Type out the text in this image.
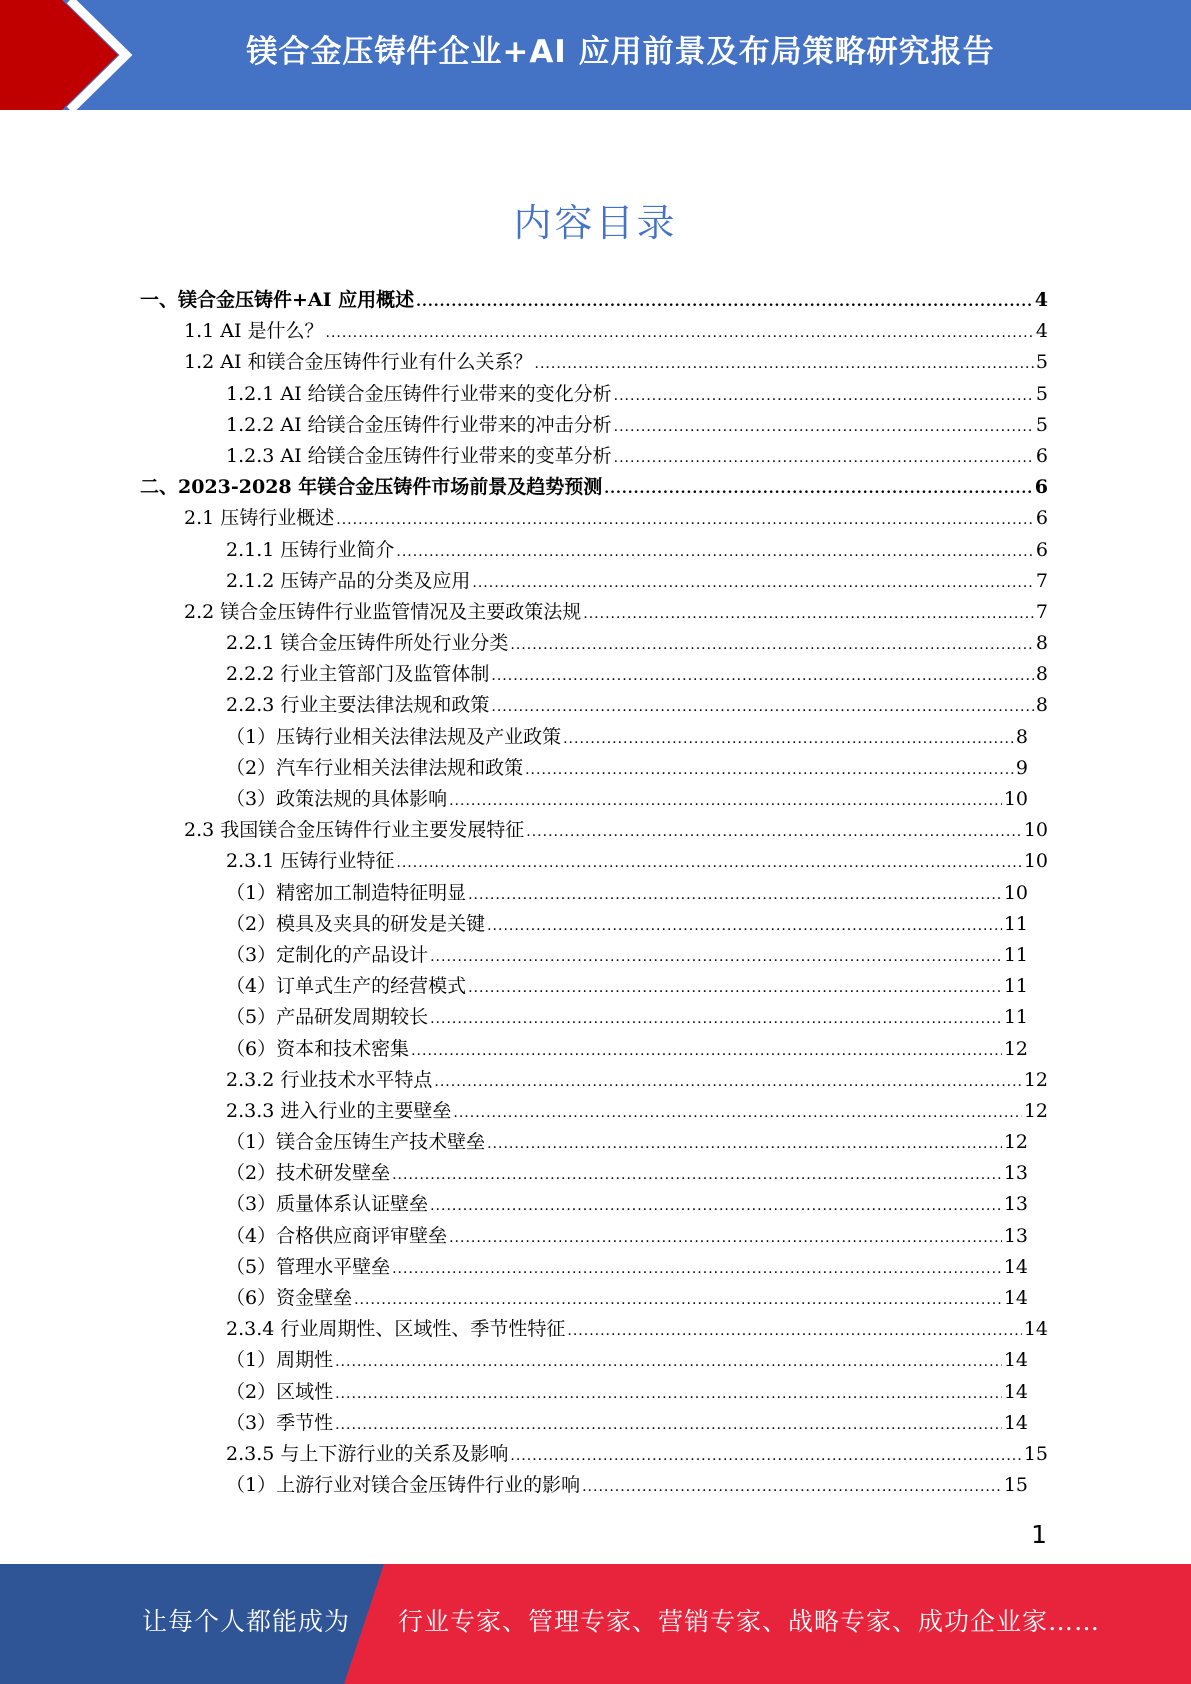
镁合金压铸件企业+AI 应用前景及布局策略研究报告
内容目录
一、镁合金压铸件+AI 应用概述 .....	4
1.1 AI 是什么？ .....	4
1.2 AI 和镁合金压铸件行业有什么关系？ .....	5
1.2.1 AI 给镁合金压铸件行业带来的变化分析 .....	5
1.2.2 AI 给镁合金压铸件行业带来的冲击分析 .....	5
1.2.3 AI 给镁合金压铸件行业带来的变革分析 .....	6
二、2023-2028 年镁合金压铸件市场前景及趋势预测 .....	6
2.1 压铸行业概述 .....	6
2.1.1 压铸行业简介 .....	6
2.1.2 压铸产品的分类及应用 .....	7
2.2 镁合金压铸件行业监管情况及主要政策法规 .....	7
2.2.1 镁合金压铸件所处行业分类 .....	8
2.2.2 行业主管部门及监管体制 .....	8
2.2.3 行业主要法律法规和政策 .....	8
（1）压铸行业相关法律法规及产业政策 .....	8
（2）汽车行业相关法律法规和政策 .....	9
（3）政策法规的具体影响 .....	10
2.3 我国镁合金压铸件行业主要发展特征 .....	10
2.3.1 压铸行业特征 .....	10
（1）精密加工制造特征明显 .....	10
（2）模具及夹具的研发是关键 .....	11
（3）定制化的产品设计 .....	11
（4）订单式生产的经营模式 .....	11
（5）产品研发周期较长 .....	11
（6）资本和技术密集 .....	12
2.3.2 行业技术水平特点 .....	12
2.3.3 进入行业的主要壁垒 .....	12
（1）镁合金压铸生产技术壁垒 .....	12
（2）技术研发壁垒 .....	13
（3）质量体系认证壁垒 .....	13
（4）合格供应商评审壁垒 .....	13
（5）管理水平壁垒 .....	14
（6）资金壁垒 .....	14
2.3.4 行业周期性、区域性、季节性特征 .....	14
（1）周期性 .....	14
（2）区域性 .....	14
（3）季节性 .....	14
2.3.5 与上下游行业的关系及影响 .....	15
（1）上游行业对镁合金压铸件行业的影响 .....	15
1
让每个人都能成为 行业专家、管理专家、营销专家、战略专家、成功企业家……
